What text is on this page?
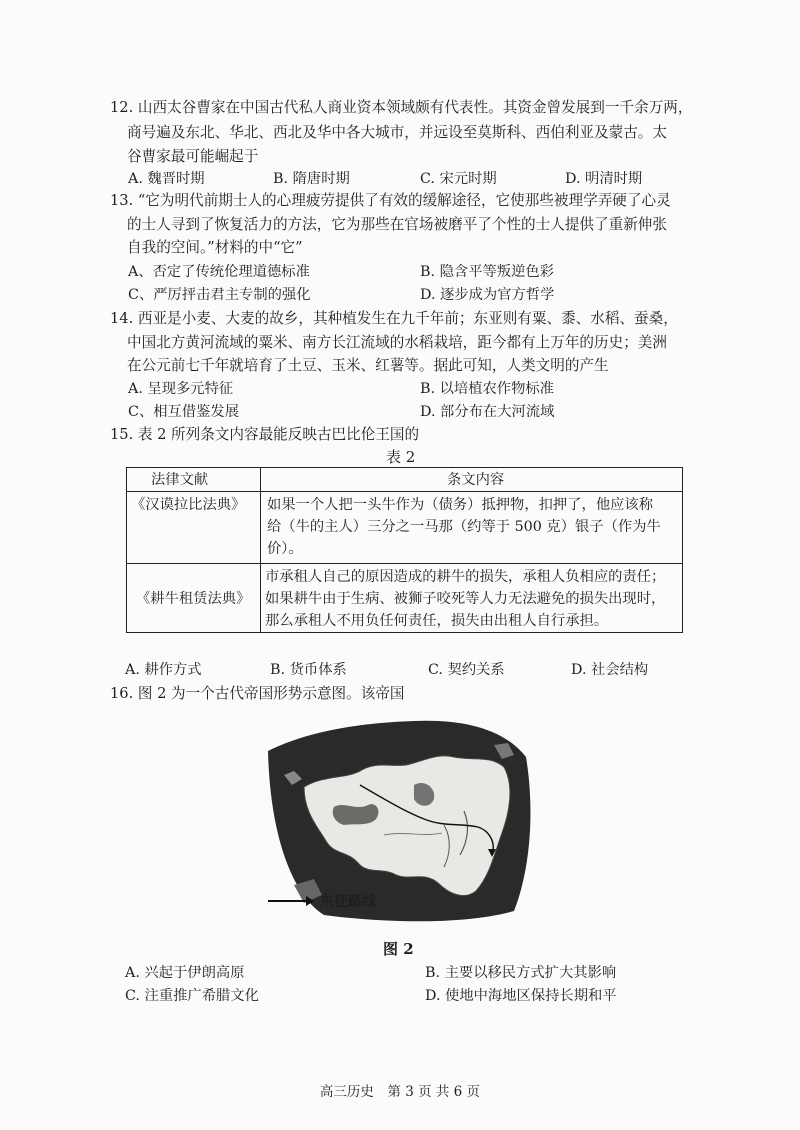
12. 山西太谷曹家在中国古代私人商业资本领域颇有代表性。其资金曾发展到一千余万两，
商号遍及东北、华北、西北及华中各大城市，并远设至莫斯科、西伯利亚及蒙古。太
谷曹家最可能崛起于
A. 魏晋时期	B. 隋唐时期	C. 宋元时期	D. 明清时期
13. “它为明代前期士人的心理疲劳提供了有效的缓解途径，它使那些被理学弄硬了心灵
的士人寻到了恢复活力的方法，它为那些在官场被磨平了个性的士人提供了重新伸张
自我的空间。”材料的中“它”
A、否定了传统伦理道德标准	B. 隐含平等叛逆色彩
C、严厉抨击君主专制的强化	D. 逐步成为官方哲学
14. 西亚是小麦、大麦的故乡，其种植发生在九千年前；东亚则有粟、黍、水稻、蚕桑，
中国北方黄河流域的粟米、南方长江流域的水稻栽培，距今都有上万年的历史；美洲
在公元前七千年就培育了土豆、玉米、红薯等。据此可知，人类文明的产生
A. 呈现多元特征	B. 以培植农作物标准
C、相互借鉴发展	D. 部分布在大河流域
15. 表 2 所列条文内容最能反映古巴比伦王国的
表 2
法律文献	条文内容
《汉谟拉比法典》 如果一个人把一头牛作为（债务）抵押物，扣押了，他应该称
给（牛的主人）三分之一马那（约等于 500 克）银子（作为牛
价）。
《耕牛租赁法典》
市承租人自己的原因造成的耕牛的损失，承租人负相应的责任；
如果耕牛由于生病、被狮子咬死等人力无法避免的损失出现时，
那么承租人不用负任何责任，损失由出租人自行承担。
A. 耕作方式	B. 货币体系	C. 契约关系	D. 社会结构
16. 图 2 为一个古代帝国形势示意图。该帝国
东征路线
图 2
A. 兴起于伊朗高原	B. 主要以移民方式扩大其影响
C. 注重推广希腊文化	D. 使地中海地区保持长期和平
高三历史　第 3 页 共 6 页
